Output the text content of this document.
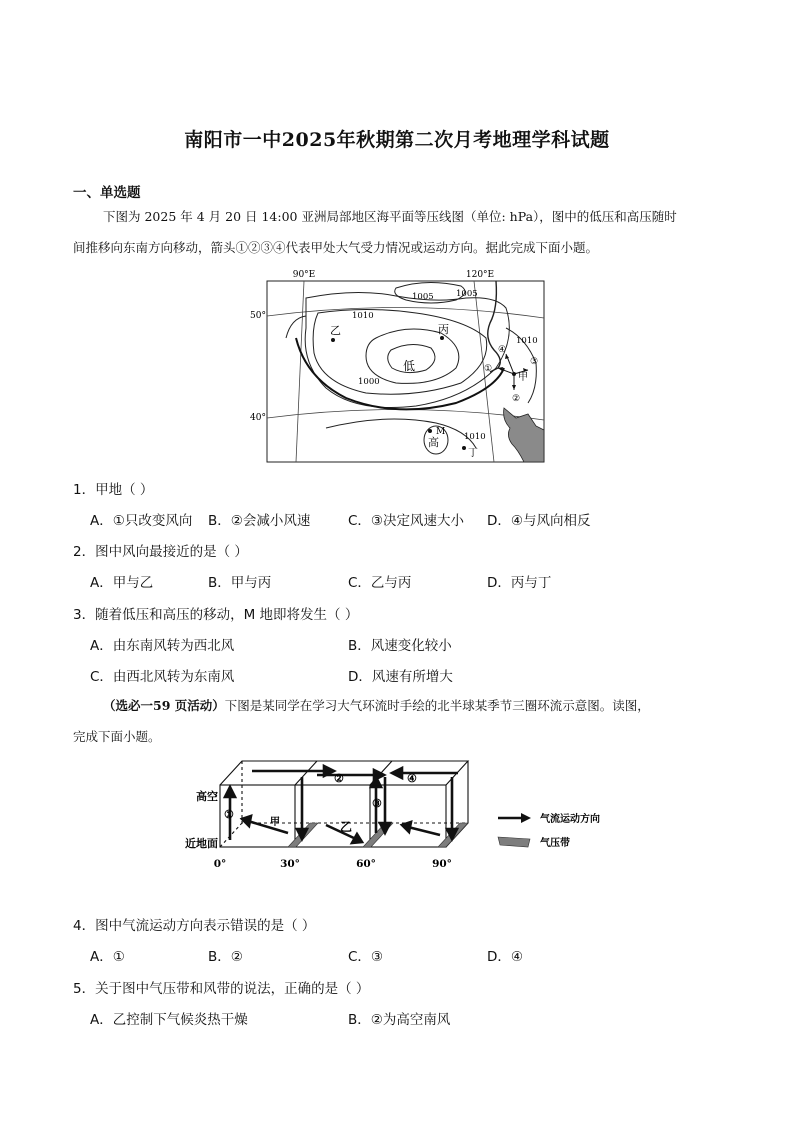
南阳市一中2025年秋期第二次月考地理学科试题
一、单选题
下图为 2025 年 4 月 20 日 14:00 亚洲局部地区海平面等压线图（单位: hPa），图中的低压和高压随时
间推移向东南方向移动，箭头①②③④代表甲处大气受力情况或运动方向。据此完成下面小题。
90°E	120°E
50°
40°
1005	1005
1010
1000
1010
1010
乙	丙
低
甲
M
高
丁
①
②
③
④
1．甲地（ ）
A．①只改变风向 B．②会减小风速	C．③决定风速大小 D．④与风向相反
2．图中风向最接近的是（ ）
A．甲与乙	B．甲与丙	C．乙与丙	D．丙与丁
3．随着低压和高压的移动，M 地即将发生（ ）
A．由东南风转为西北风	B．风速变化较小
C．由西北风转为东南风	D．风速有所增大
（选必一59 页活动）下图是某同学在学习大气环流时手绘的北半球某季节三圈环流示意图。读图，
完成下面小题。
高空
近地面
0°	30°	60°	90°
甲	乙
①
②
③
④
气流运动方向
气压带
4．图中气流运动方向表示错误的是（ ）
A．①	B．②	C．③	D．④
5．关于图中气压带和风带的说法，正确的是（ ）
A．乙控制下气候炎热干燥	B．②为高空南风
